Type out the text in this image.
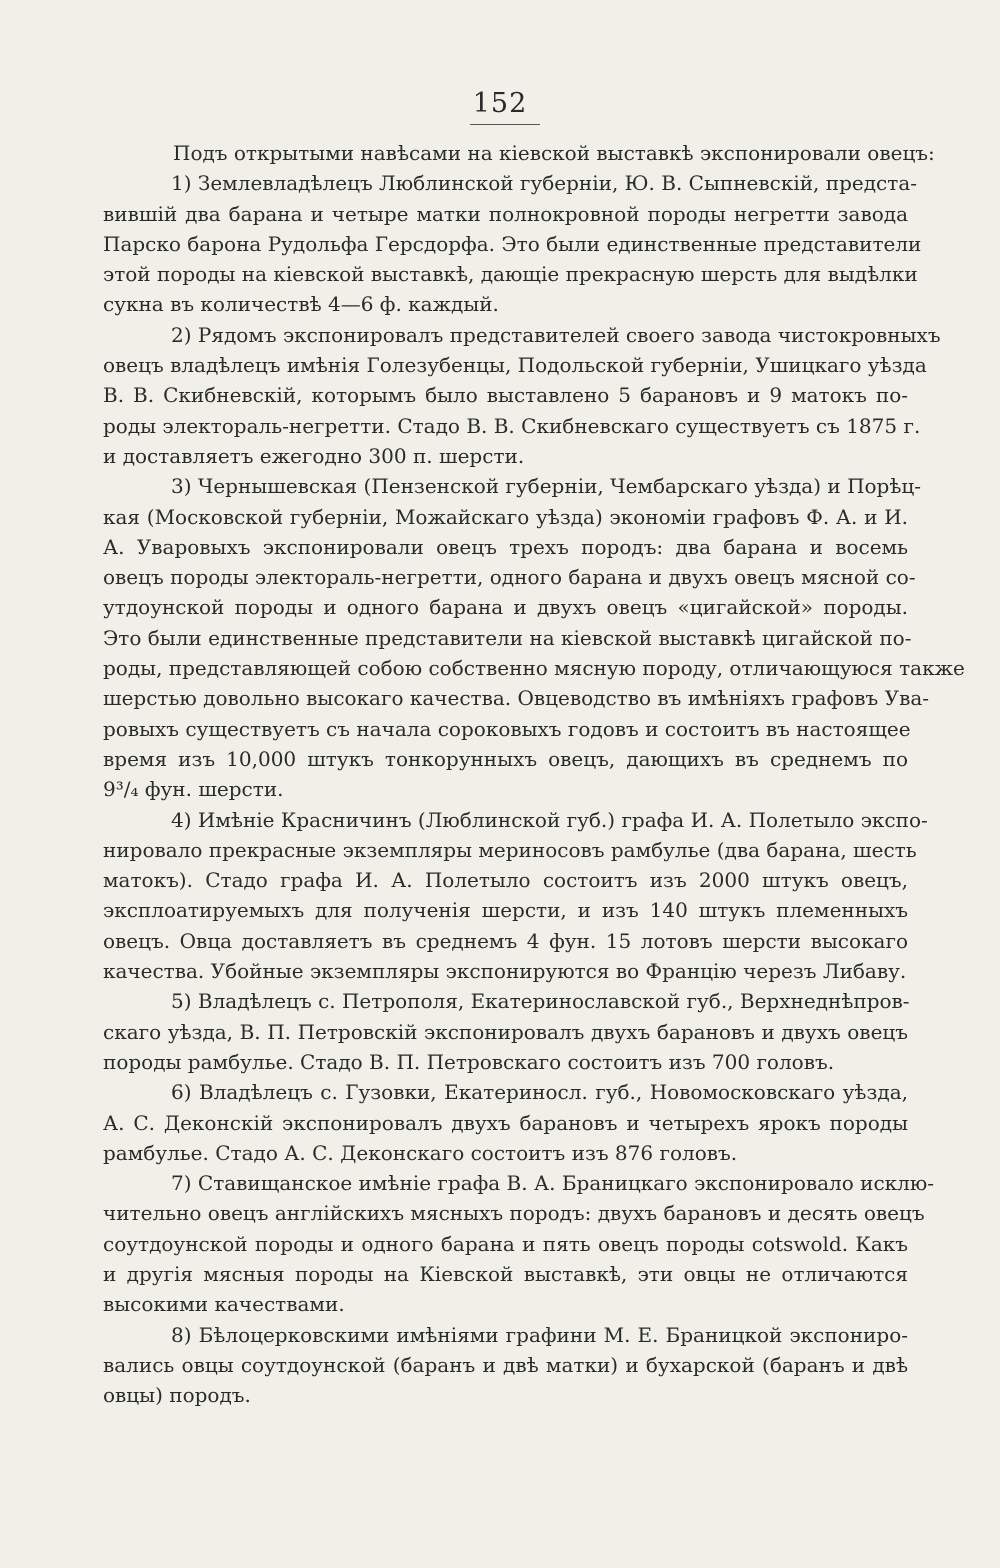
152
Подъ открытыми навѣсами на кіевской выставкѣ экспонировали овецъ:
1) Землевладѣлецъ Люблинской губерніи, Ю. В. Сыпневскій, предста-
вившій два барана и четыре матки полнокровной породы негретти завода
Парско барона Рудольфа Герсдорфа. Это были единственные представители
этой породы на кіевской выставкѣ, дающіе прекрасную шерсть для выдѣлки
сукна въ количествѣ 4—6 ф. каждый.
2) Рядомъ экспонировалъ представителей своего завода чистокровныхъ
овецъ владѣлецъ имѣнія Голезубенцы, Подольской губерніи, Ушицкаго уѣзда
В. В. Скибневскій, которымъ было выставлено 5 барановъ и 9 матокъ по-
роды электораль-негретти. Стадо В. В. Скибневскаго существуетъ съ 1875 г.
и доставляетъ ежегодно 300 п. шерсти.
3) Чернышевская (Пензенской губерніи, Чембарскаго уѣзда) и Порѣц-
кая (Московской губерніи, Можайскаго уѣзда) экономіи графовъ Ф. А. и И.
А. Уваровыхъ экспонировали овецъ трехъ породъ: два барана и восемь
овецъ породы электораль-негретти, одного барана и двухъ овецъ мясной со-
утдоунской породы и одного барана и двухъ овецъ «цигайской» породы.
Это были единственные представители на кіевской выставкѣ цигайской по-
роды, представляющей собою собственно мясную породу, отличающуюся также
шерстью довольно высокаго качества. Овцеводство въ имѣніяхъ графовъ Ува-
ровыхъ существуетъ съ начала сороковыхъ годовъ и состоитъ въ настоящее
время изъ 10,000 штукъ тонкорунныхъ овецъ, дающихъ въ среднемъ по
9³/₄ фун. шерсти.
4) Имѣніе Красничинъ (Люблинской губ.) графа И. А. Полетыло экспо-
нировало прекрасные экземпляры мериносовъ рамбулье (два барана, шесть
матокъ). Стадо графа И. А. Полетыло состоитъ изъ 2000 штукъ овецъ,
эксплоатируемыхъ для полученія шерсти, и изъ 140 штукъ племенныхъ
овецъ. Овца доставляетъ въ среднемъ 4 фун. 15 лотовъ шерсти высокаго
качества. Убойные экземпляры экспонируются во Францію черезъ Либаву.
5) Владѣлецъ с. Петрополя, Екатеринославской губ., Верхнеднѣпров-
скаго уѣзда, В. П. Петровскій экспонировалъ двухъ барановъ и двухъ овецъ
породы рамбулье. Стадо В. П. Петровскаго состоитъ изъ 700 головъ.
6) Владѣлецъ с. Гузовки, Екатериносл. губ., Новомосковскаго уѣзда,
А. С. Деконскій экспонировалъ двухъ барановъ и четырехъ ярокъ породы
рамбулье. Стадо А. С. Деконскаго состоитъ изъ 876 головъ.
7) Ставищанское имѣніе графа В. А. Браницкаго экспонировало исклю-
чительно овецъ англійскихъ мясныхъ породъ: двухъ барановъ и десять овецъ
соутдоунской породы и одного барана и пять овецъ породы cotswold. Какъ
и другія мясныя породы на Кіевской выставкѣ, эти овцы не отличаются
высокими качествами.
8) Бѣлоцерковскими имѣніями графини М. Е. Браницкой экспониро-
вались овцы соутдоунской (баранъ и двѣ матки) и бухарской (баранъ и двѣ
овцы) породъ.
